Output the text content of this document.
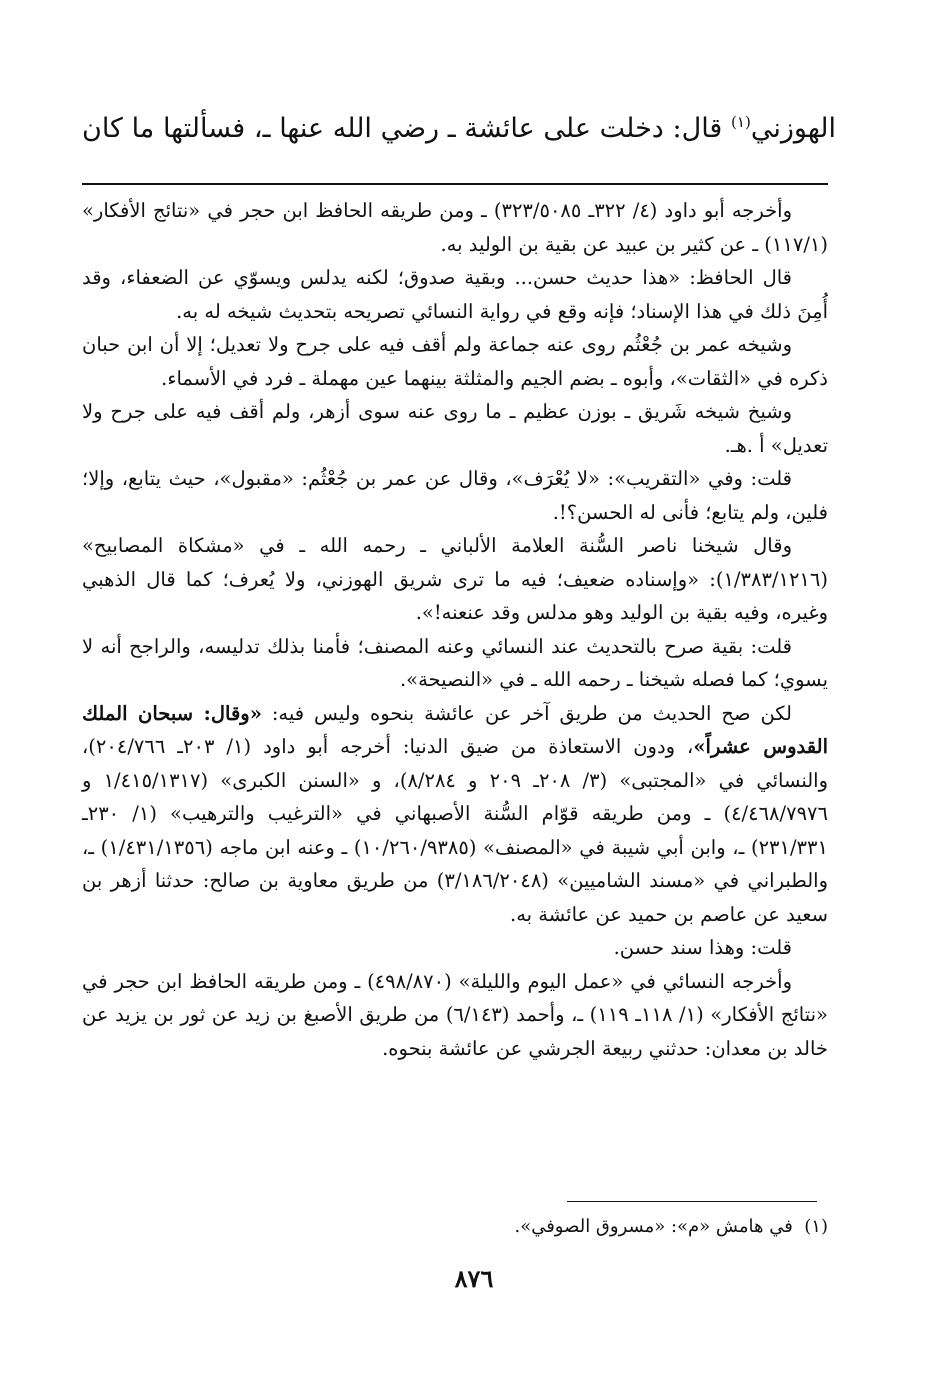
الهوزني$^{(١)}$ قال: دخلت على عائشة ـ رضي الله عنها ـ، فسألتها ما كان

وأخرجه أبو داود (٤/ ٣٢٢ـ ٣٢٣/٥٠٨٥) ـ ومن طريقه الحافظ ابن حجر في «نتائج الأفكار» (١١٧/١) ـ عن كثير بن عبيد عن بقية بن الوليد به.

قال الحافظ: «هذا حديث حسن... وبقية صدوق؛ لكنه يدلس ويسوّي عن الضعفاء، وقد أُمِنَ ذلك في هذا الإسناد؛ فإنه وقع في رواية النسائي تصريحه بتحديث شيخه له به.

وشيخه عمر بن جُعْثُم روى عنه جماعة ولم أقف فيه على جرح ولا تعديل؛ إلا أن ابن حبان ذكره في «الثقات»، وأبوه ـ بضم الجيم والمثلثة بينهما عين مهملة ـ فرد في الأسماء.

وشيخ شيخه شَريق ـ بوزن عظيم ـ ما روى عنه سوى أزهر، ولم أقف فيه على جرح ولا تعديل» أ .هـ.

قلت: وفي «التقريب»: «لا يُعْرَف»، وقال عن عمر بن جُعْثُم: «مقبول»، حيث يتابع، وإلا؛ فلين، ولم يتابع؛ فأنى له الحسن؟!.

وقال شيخنا ناصر السُّنة العلامة الألباني ـ رحمه الله ـ في «مشكاة المصابيح» (١/٣٨٣/١٢١٦): «وإسناده ضعيف؛ فيه ما ترى شريق الهوزني، ولا يُعرف؛ كما قال الذهبي وغيره، وفيه بقية بن الوليد وهو مدلس وقد عنعنه!».

قلت: بقية صرح بالتحديث عند النسائي وعنه المصنف؛ فأمنا بذلك تدليسه، والراجح أنه لا يسوي؛ كما فصله شيخنا ـ رحمه الله ـ في «النصيحة».

لكن صح الحديث من طريق آخر عن عائشة بنحوه وليس فيه: «وقال: سبحان الملك القدوس عشراً»، ودون الاستعاذة من ضيق الدنيا: أخرجه أبو داود (١/ ٢٠٣ـ ٢٠٤/٧٦٦)، والنسائي في «المجتبى» (٣/ ٢٠٨ـ ٢٠٩ و ٨/٢٨٤)، و «السنن الكبرى» (١/٤١٥/١٣١٧ و ٤/٤٦٨/٧٩٧٦) ـ ومن طريقه قوّام السُّنة الأصبهاني في «الترغيب والترهيب» (١/ ٢٣٠ـ ٢٣١/٣٣١) ـ، وابن أبي شيبة في «المصنف» (١٠/٢٦٠/٩٣٨٥) ـ وعنه ابن ماجه (١/٤٣١/١٣٥٦) ـ، والطبراني في «مسند الشاميين» (٣/١٨٦/٢٠٤٨) من طريق معاوية بن صالح: حدثنا أزهر بن سعيد عن عاصم بن حميد عن عائشة به.

قلت: وهذا سند حسن.

وأخرجه النسائي في «عمل اليوم والليلة» (٤٩٨/٨٧٠) ـ ومن طريقه الحافظ ابن حجر في «نتائج الأفكار» (١/ ١١٨ـ ١١٩) ـ، وأحمد (٦/١٤٣) من طريق الأصبغ بن زيد عن ثور بن يزيد عن خالد بن معدان: حدثني ربيعة الجرشي عن عائشة بنحوه.

(١)  في هامش «م»: «مسروق الصوفي».
٨٧٦
